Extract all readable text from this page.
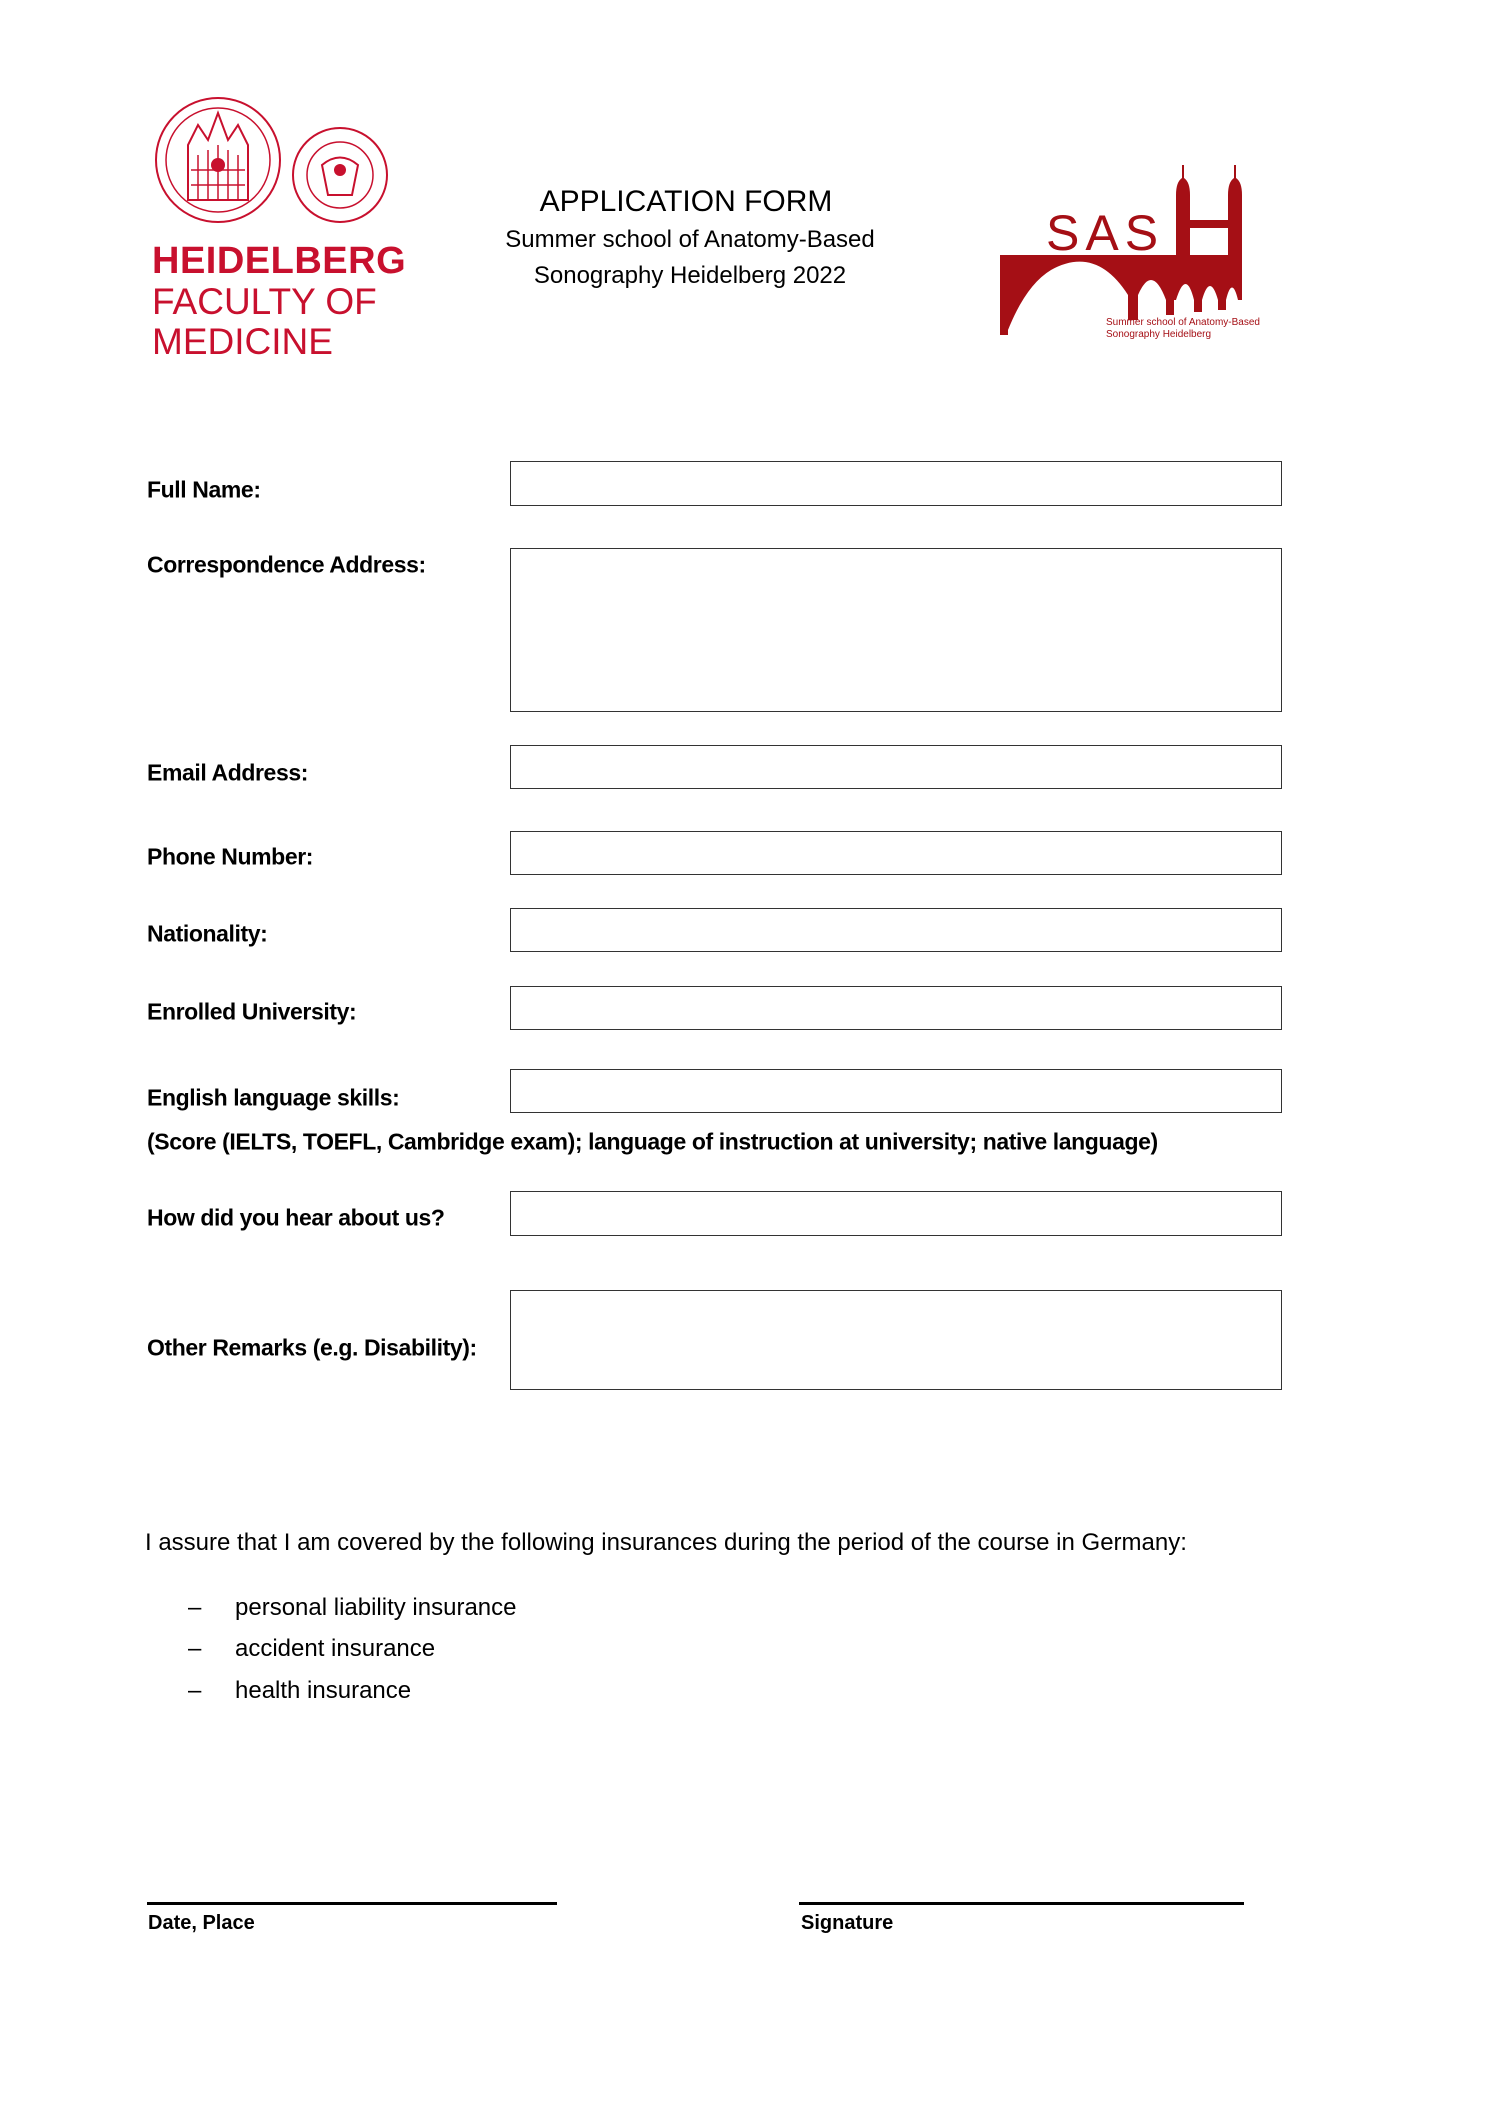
HEIDELBERG
FACULTY OF
MEDICINE
APPLICATION FORM
Summer school of Anatomy-Based
Sonography Heidelberg 2022
SAS
Summer school of Anatomy-Based
Sonography Heidelberg
Full Name:
Correspondence Address:
Email Address:
Phone Number:
Nationality:
Enrolled University:
English language skills:
(Score (IELTS, TOEFL, Cambridge exam); language of instruction at university; native language)
How did you hear about us?
Other Remarks (e.g. Disability):
I assure that I am covered by the following insurances during the period of the course in Germany:
– personal liability insurance
– accident insurance
– health insurance
Date, Place	Signature
